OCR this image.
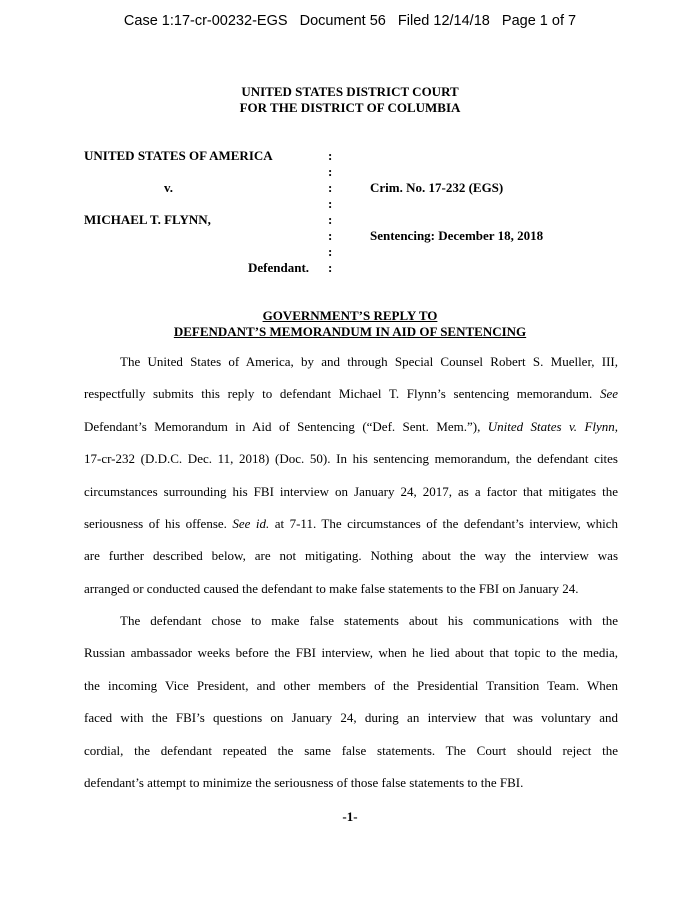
Case 1:17-cr-00232-EGS   Document 56   Filed 12/14/18   Page 1 of 7
UNITED STATES DISTRICT COURT
FOR THE DISTRICT OF COLUMBIA
UNITED STATES OF AMERICA
v.
MICHAEL T. FLYNN,
Defendant.
Crim. No. 17-232 (EGS)
Sentencing: December 18, 2018
:
:
:
:
:
:
:
:
GOVERNMENT’S REPLY TO
DEFENDANT’S MEMORANDUM IN AID OF SENTENCING
The United States of America, by and through Special Counsel Robert S. Mueller, III,
respectfully submits this reply to defendant Michael T. Flynn’s sentencing memorandum. See
Defendant’s Memorandum in Aid of Sentencing (“Def. Sent. Mem.”), United States v. Flynn,
17-cr-232 (D.D.C. Dec. 11, 2018) (Doc. 50). In his sentencing memorandum, the defendant cites
circumstances surrounding his FBI interview on January 24, 2017, as a factor that mitigates the
seriousness of his offense. See id. at 7-11. The circumstances of the defendant’s interview, which
are further described below, are not mitigating. Nothing about the way the interview was
arranged or conducted caused the defendant to make false statements to the FBI on January 24.
The defendant chose to make false statements about his communications with the
Russian ambassador weeks before the FBI interview, when he lied about that topic to the media,
the incoming Vice President, and other members of the Presidential Transition Team. When
faced with the FBI’s questions on January 24, during an interview that was voluntary and
cordial, the defendant repeated the same false statements. The Court should reject the
defendant’s attempt to minimize the seriousness of those false statements to the FBI.
-1-
